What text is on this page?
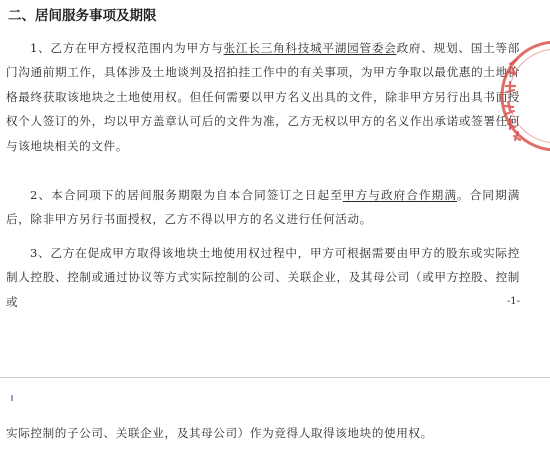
二、居间服务事项及期限

1、乙方在甲方授权范围内为甲方与张江长三角科技城平湖园管委会政府、规划、国土等部门沟通前期工作，具体涉及土地谈判及招拍挂工作中的有关事项，为甲方争取以最优惠的土地价格最终获取该地块之土地使用权。但任何需要以甲方名义出具的文件，除非甲方另行出具书面授权个人签订的外，均以甲方盖章认可后的文件为准，乙方无权以甲方的名义作出承诺或签署任何与该地块相关的文件。

2、本合同项下的居间服务期限为自本合同签订之日起至甲方与政府合作期满。合同期满后，除非甲方另行书面授权，乙方不得以甲方的名义进行任何活动。

3、乙方在促成甲方取得该地块土地使用权过程中，甲方可根据需要由甲方的股东或实际控制人控股、控制或通过协议等方式实际控制的公司、关联企业，及其母公司（或甲方控股、控制或	-1-
实际控制的子公司、关联企业，及其母公司）作为竞得人取得该地块的使用权。
